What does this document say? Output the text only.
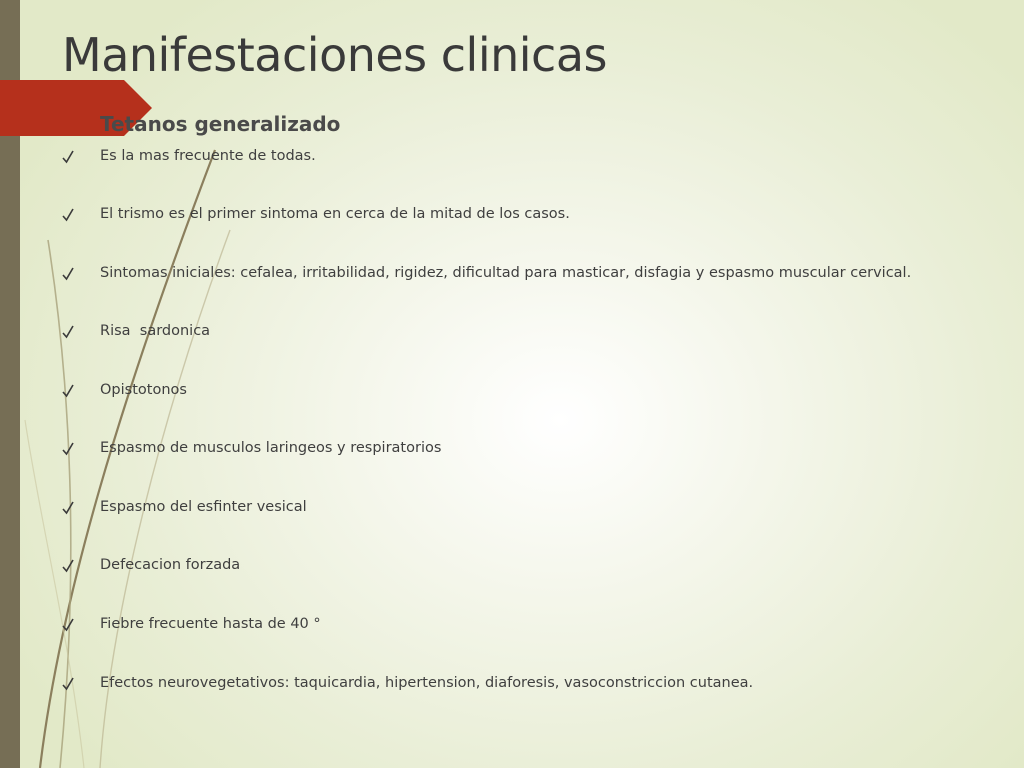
Manifestaciones clinicas
Tetanos generalizado
Es la mas frecuente de todas.
El trismo es el primer sintoma en cerca de la mitad de los casos.
Sintomas iniciales: cefalea, irritabilidad, rigidez, dificultad para masticar, disfagia y espasmo muscular cervical.
Risa  sardonica
Opistotonos
Espasmo de musculos laringeos y respiratorios
Espasmo del esfinter vesical
Defecacion forzada
Fiebre frecuente hasta de 40 °
Efectos neurovegetativos: taquicardia, hipertension, diaforesis, vasoconstriccion cutanea.
